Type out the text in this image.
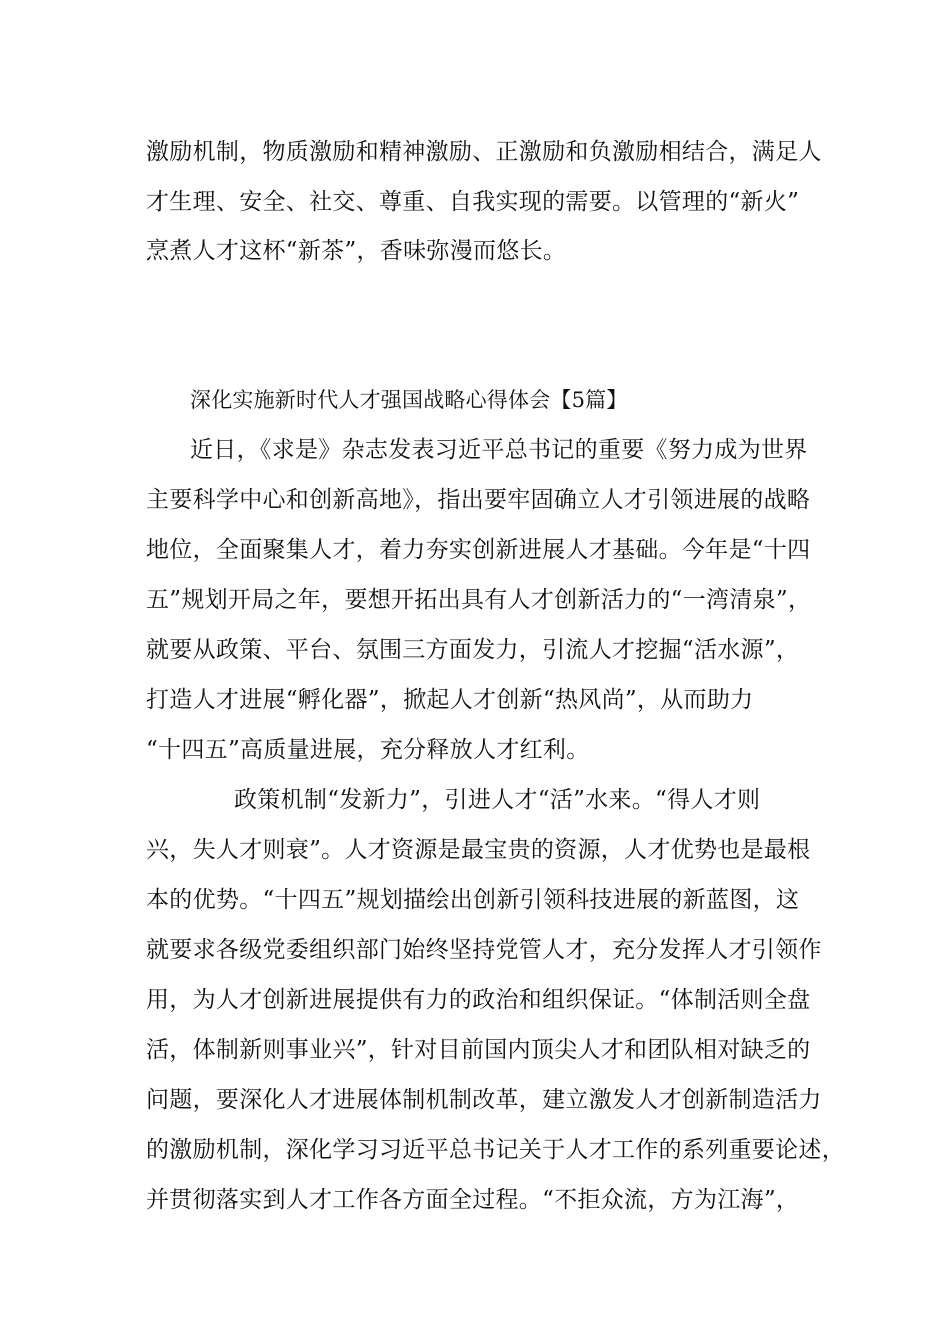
激励机制，物质激励和精神激励、正激励和负激励相结合，满足人
才生理、安全、社交、尊重、自我实现的需要。以管理的“新火”
烹煮人才这杯“新茶”，香味弥漫而悠长。
深化实施新时代人才强国战略心得体会【5篇】
近日，《求是》杂志发表习近平总书记的重要《努力成为世界
主要科学中心和创新高地》，指出要牢固确立人才引领进展的战略
地位，全面聚集人才，着力夯实创新进展人才基础。今年是“十四
五”规划开局之年，要想开拓出具有人才创新活力的“一湾清泉”，
就要从政策、平台、氛围三方面发力，引流人才挖掘“活水源”，
打造人才进展“孵化器”，掀起人才创新“热风尚”，从而助力
“十四五”高质量进展，充分释放人才红利。
政策机制“发新力”，引进人才“活”水来。“得人才则
兴，失人才则衰”。人才资源是最宝贵的资源，人才优势也是最根
本的优势。“十四五”规划描绘出创新引领科技进展的新蓝图，这
就要求各级党委组织部门始终坚持党管人才，充分发挥人才引领作
用，为人才创新进展提供有力的政治和组织保证。“体制活则全盘
活，体制新则事业兴”，针对目前国内顶尖人才和团队相对缺乏的
问题，要深化人才进展体制机制改革，建立激发人才创新制造活力
的激励机制，深化学习习近平总书记关于人才工作的系列重要论述，
并贯彻落实到人才工作各方面全过程。“不拒众流，方为江海”，
